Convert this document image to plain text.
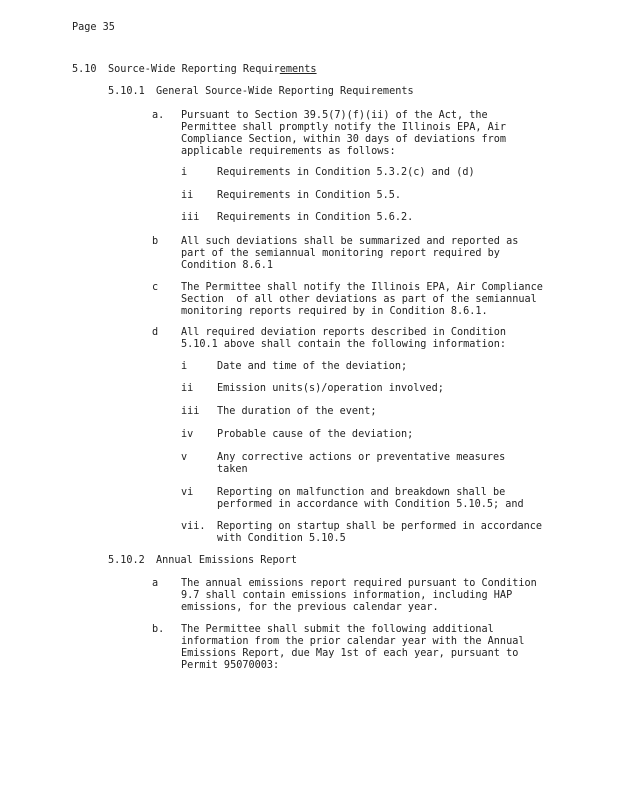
Page 35
5.10 Source-Wide Reporting Requirements
5.10.1 General Source-Wide Reporting Requirements
a. Pursuant to Section 39.5(7)(f)(ii) of the Act, the
Permittee shall promptly notify the Illinois EPA, Air
Compliance Section, within 30 days of deviations from
applicable requirements as follows:
i	Requirements in Condition 5.3.2(c) and (d)
ii Requirements in Condition 5.5.
iii Requirements in Condition 5.6.2.
b All such deviations shall be summarized and reported as
part of the semiannual monitoring report required by
Condition 8.6.1
c The Permittee shall notify the Illinois EPA, Air Compliance
Section  of all other deviations as part of the semiannual
monitoring reports required by in Condition 8.6.1.
d All required deviation reports described in Condition
5.10.1 above shall contain the following information:
i	Date and time of the deviation;
ii Emission units(s)/operation involved;
iii The duration of the event;
iv Probable cause of the deviation;
v	Any corrective actions or preventative measures
taken
vi Reporting on malfunction and breakdown shall be
performed in accordance with Condition 5.10.5; and
vii. Reporting on startup shall be performed in accordance
with Condition 5.10.5
5.10.2 Annual Emissions Report
a The annual emissions report required pursuant to Condition
9.7 shall contain emissions information, including HAP
emissions, for the previous calendar year.
b. The Permittee shall submit the following additional
information from the prior calendar year with the Annual
Emissions Report, due May 1st of each year, pursuant to
Permit 95070003:
